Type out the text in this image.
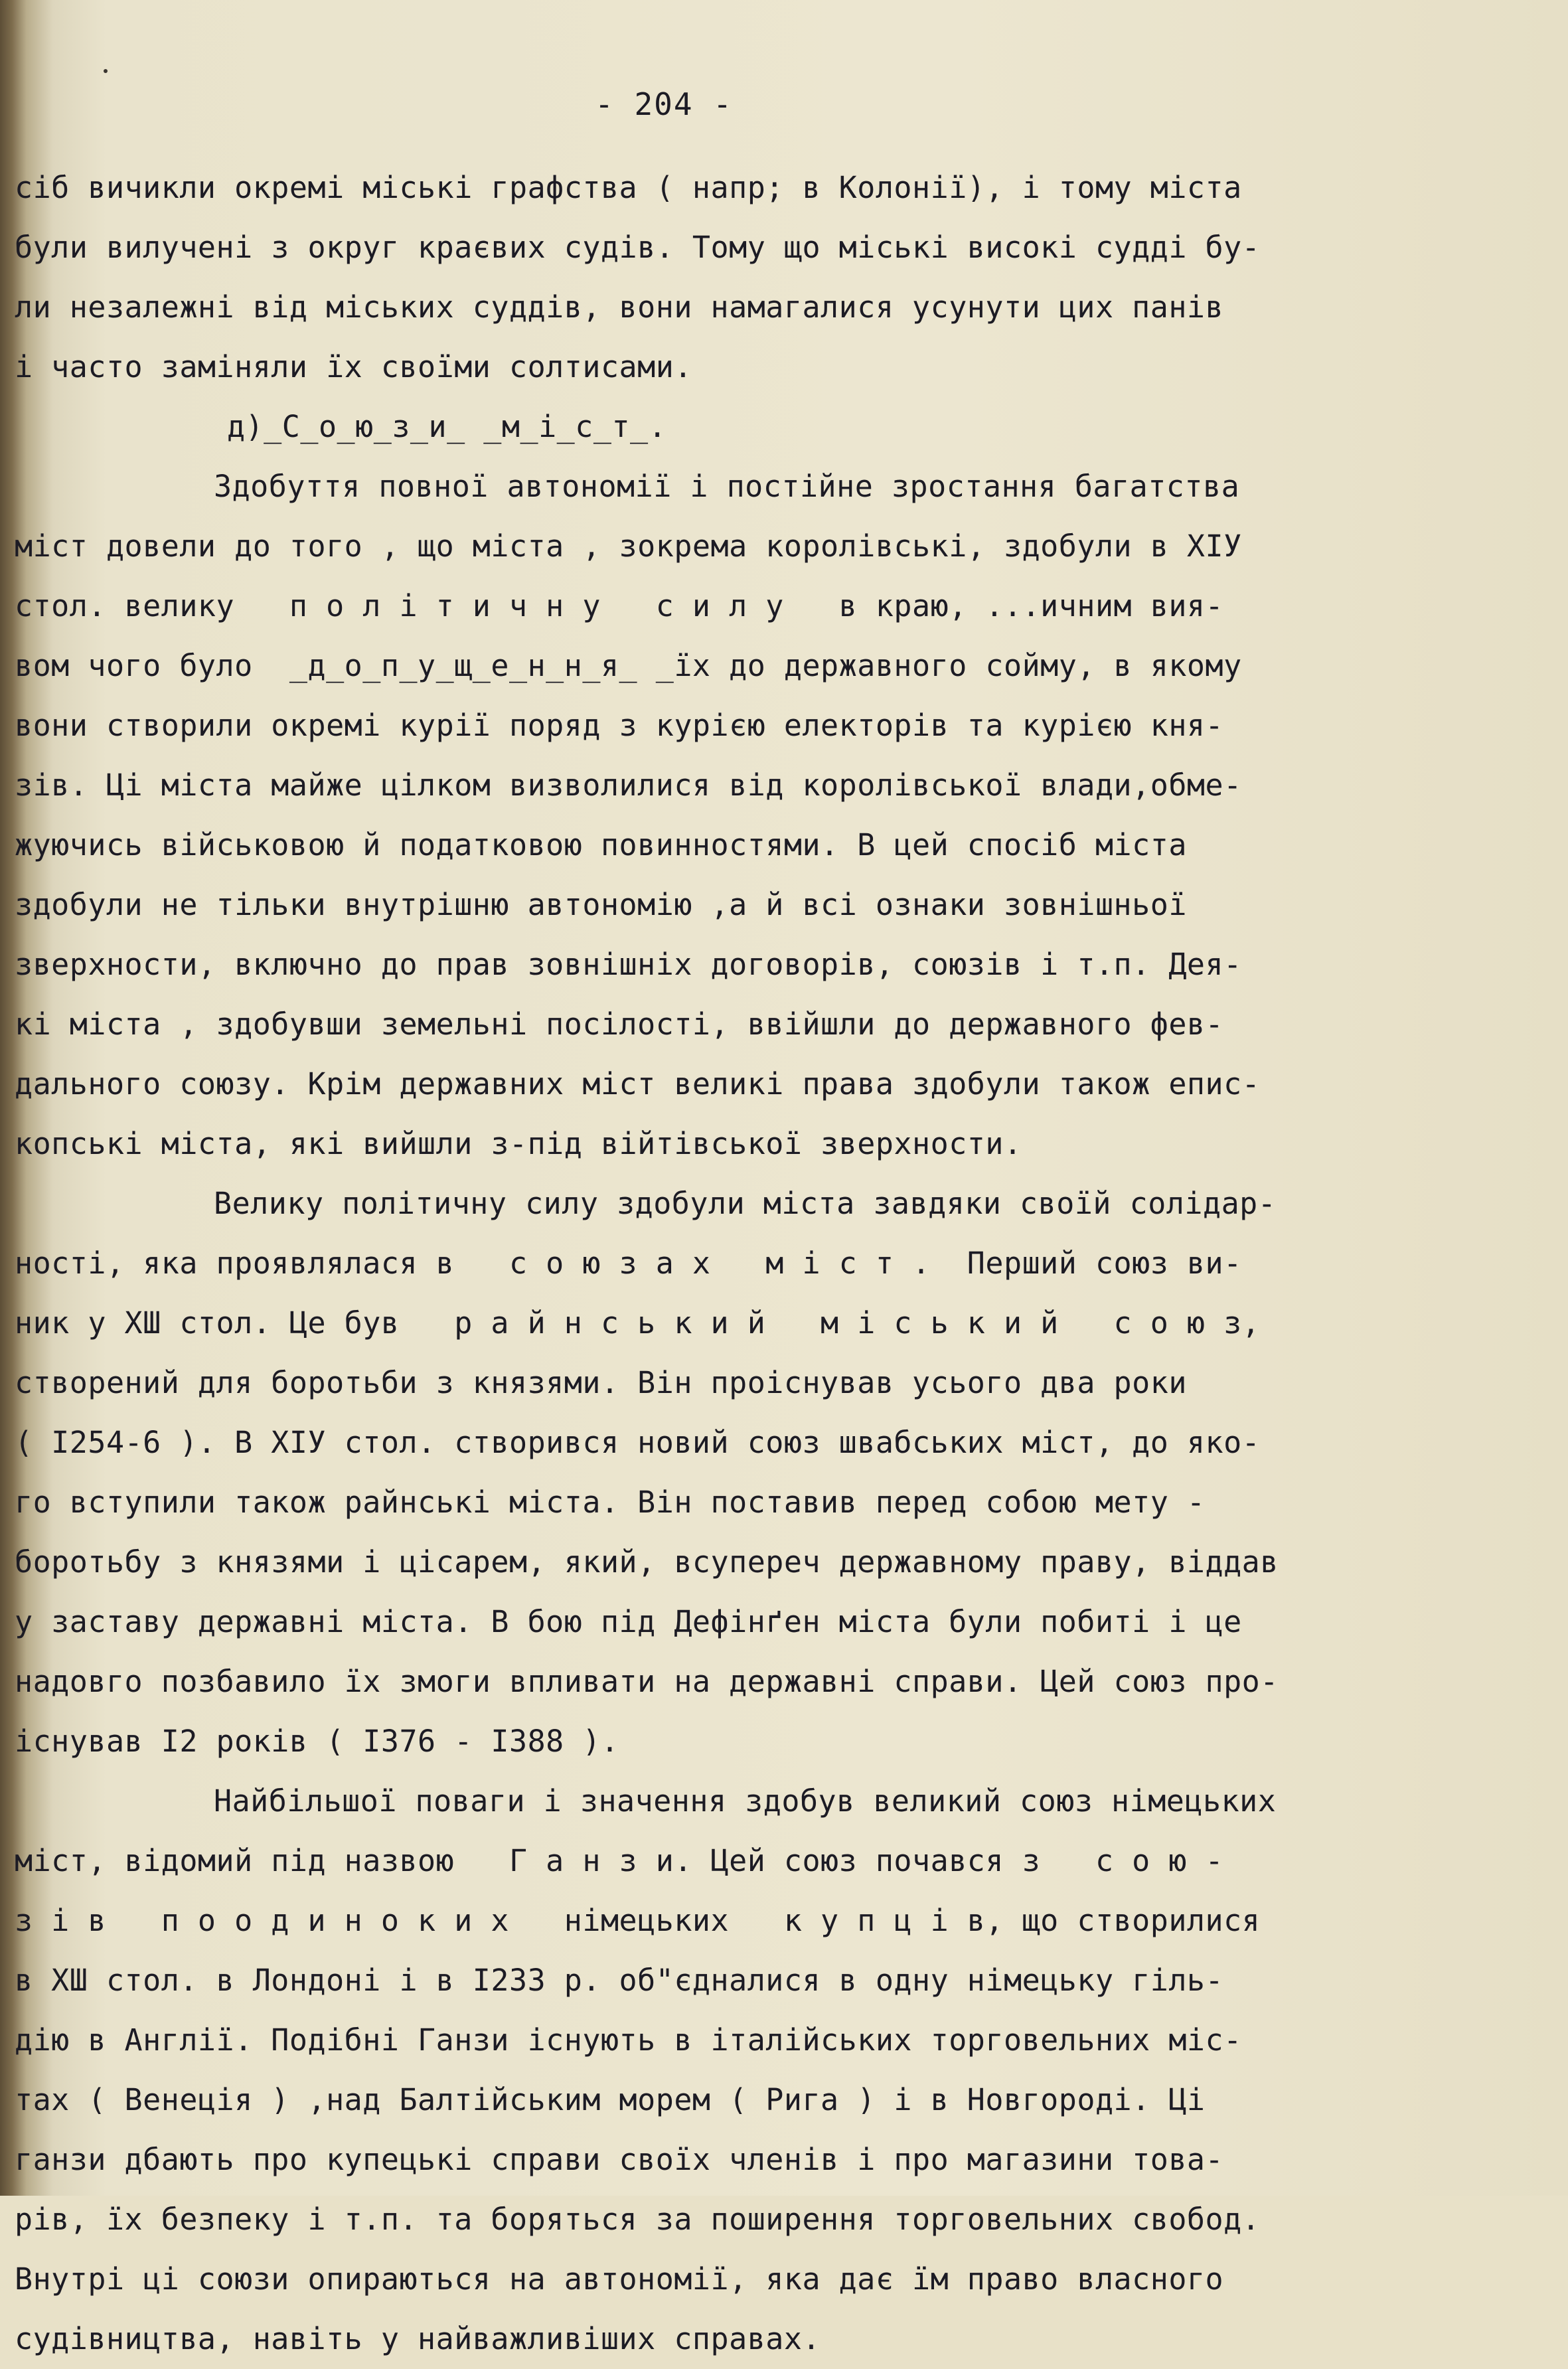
- 204 -
сіб вичикли окремі міські графства ( напр; в Колонії), і тому міста
були вилучені з округ краєвих судів. Тому що міські високі судді бу-
ли незалежні від міських суддів, вони намагалися усунути цих панів
і часто заміняли їх своїми солтисами.
д)_С_о_ю_з_и_ _м_і_с_т_.
Здобуття повної автономії і постійне зростання багатства
міст довели до того , що міста , зокрема королівські, здобули в XIУ
стол. велику   п о л і т и ч н у   с и л у   в краю, ...ичним вия-
вом чого було  _д_о_п_у_щ_е_н_н_я_ _їх до державного сойму, в якому
вони створили окремі курії поряд з курією електорів та курією кня-
зів. Ці міста майже цілком визволилися від королівської влади,обме-
жуючись військовою й податковою повинностями. В цей спосіб міста
здобули не тільки внутрішню автономію ,а й всі ознаки зовнішньої
зверхности, включно до прав зовнішніх договорів, союзів і т.п. Дея-
кі міста , здобувши земельні посілості, ввійшли до державного фев-
дального союзу. Крім державних міст великі права здобули також епис-
копські міста, які вийшли з-під війтівської зверхности.
Велику політичну силу здобули міста завдяки своїй солідар-
ності, яка проявлялася в   с о ю з а х   м і с т .  Перший союз ви-
ник у ХШ стол. Це був   р а й н с ь к и й   м і с ь к и й   с о ю з,
створений для боротьби з князями. Він проіснував усього два роки
( I254-6 ). В XIУ стол. створився новий союз швабських міст, до яко-
го вступили також райнські міста. Він поставив перед собою мету -
боротьбу з князями і цісарем, який, всупереч державному праву, віддав
у заставу державні міста. В бою під Дефінґен міста були побиті і це
надовго позбавило їх змоги впливати на державні справи. Цей союз про-
існував I2 років ( I376 - I388 ).
Найбільшої поваги і значення здобув великий союз німецьких
міст, відомий під назвою   Г а н з и. Цей союз почався з   с о ю -
з і в   п о о д и н о к и х   німецьких   к у п ц і в, що створилися
в ХШ стол. в Лондоні і в I233 р. об"єдналися в одну німецьку гіль-
дію в Англії. Подібні Ганзи існують в італійських торговельних міс-
тах ( Венеція ) ,над Балтійським морем ( Рига ) і в Новгороді. Ці
ганзи дбають про купецькі справи своїх членів і про магазини това-
рів, їх безпеку і т.п. та боряться за поширення торговельних свобод.
Внутрі ці союзи опираються на автономії, яка дає їм право власного
судівництва, навіть у найважливіших справах.
